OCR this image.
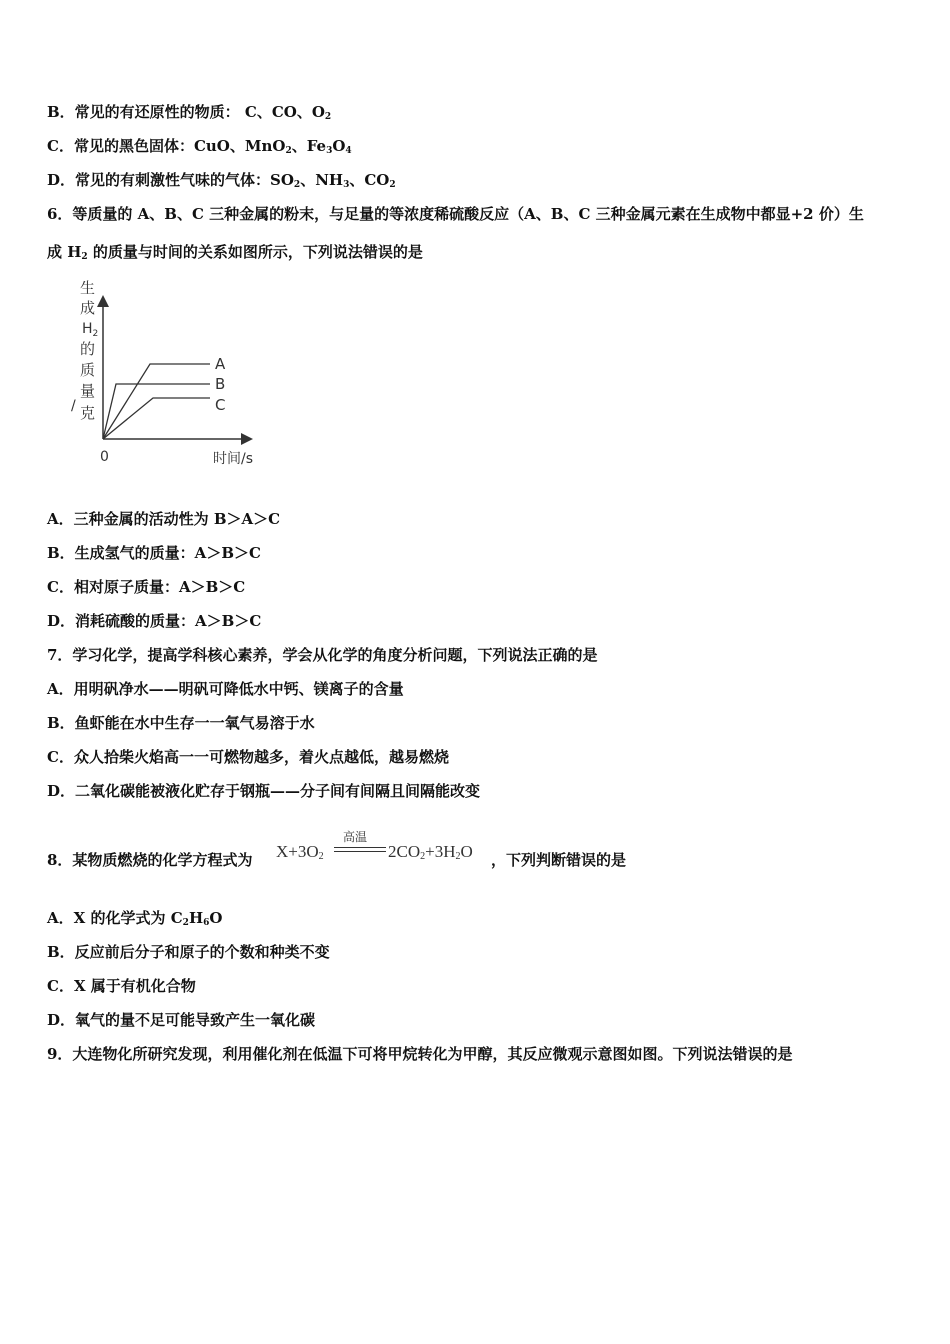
B．常见的有还原性的物质： C、CO、$O_2$
C．常见的黑色固体：CuO、MnO$_2$、$Fe_3O_4$
D．常见的有刺激性气味的气体：$SO_2$、$NH_3$、$CO_2$
6．等质量的 A、B、C 三种金属的粉末，与足量的等浓度稀硫酸反应（A、B、C 三种金属元素在生成物中都显+2 价）生
成 $H_2$ 的质量与时间的关系如图所示，下列说法错误的是
A
B
C
生
成
$H_2$
的
质
量
/ 克
0	时间/s
A．三种金属的活动性为 B＞A＞C
B．生成氢气的质量：A＞B＞C
C．相对原子质量：A＞B＞C
D．消耗硫酸的质量：A＞B＞C
7．学习化学，提高学科核心素养，学会从化学的角度分析问题，下列说法正确的是
A．用明矾净水——明矾可降低水中钙、镁离子的含量
B．鱼虾能在水中生存一一氧气易溶于水
C．众人拾柴火焰高一一可燃物越多，着火点越低，越易燃烧
D．二氧化碳能被液化贮存于钢瓶——分子间有间隔且间隔能改变
8．某物质燃烧的化学方程式为 $X+3O_2$
高温
$2CO_2+3H_2O$ ，下列判断错误的是
A．X 的化学式为 $C_2H_6O$
B．反应前后分子和原子的个数和种类不变
C．X 属于有机化合物
D．氧气的量不足可能导致产生一氧化碳
9．大连物化所研究发现，利用催化剂在低温下可将甲烷转化为甲醇，其反应微观示意图如图。下列说法错误的是
